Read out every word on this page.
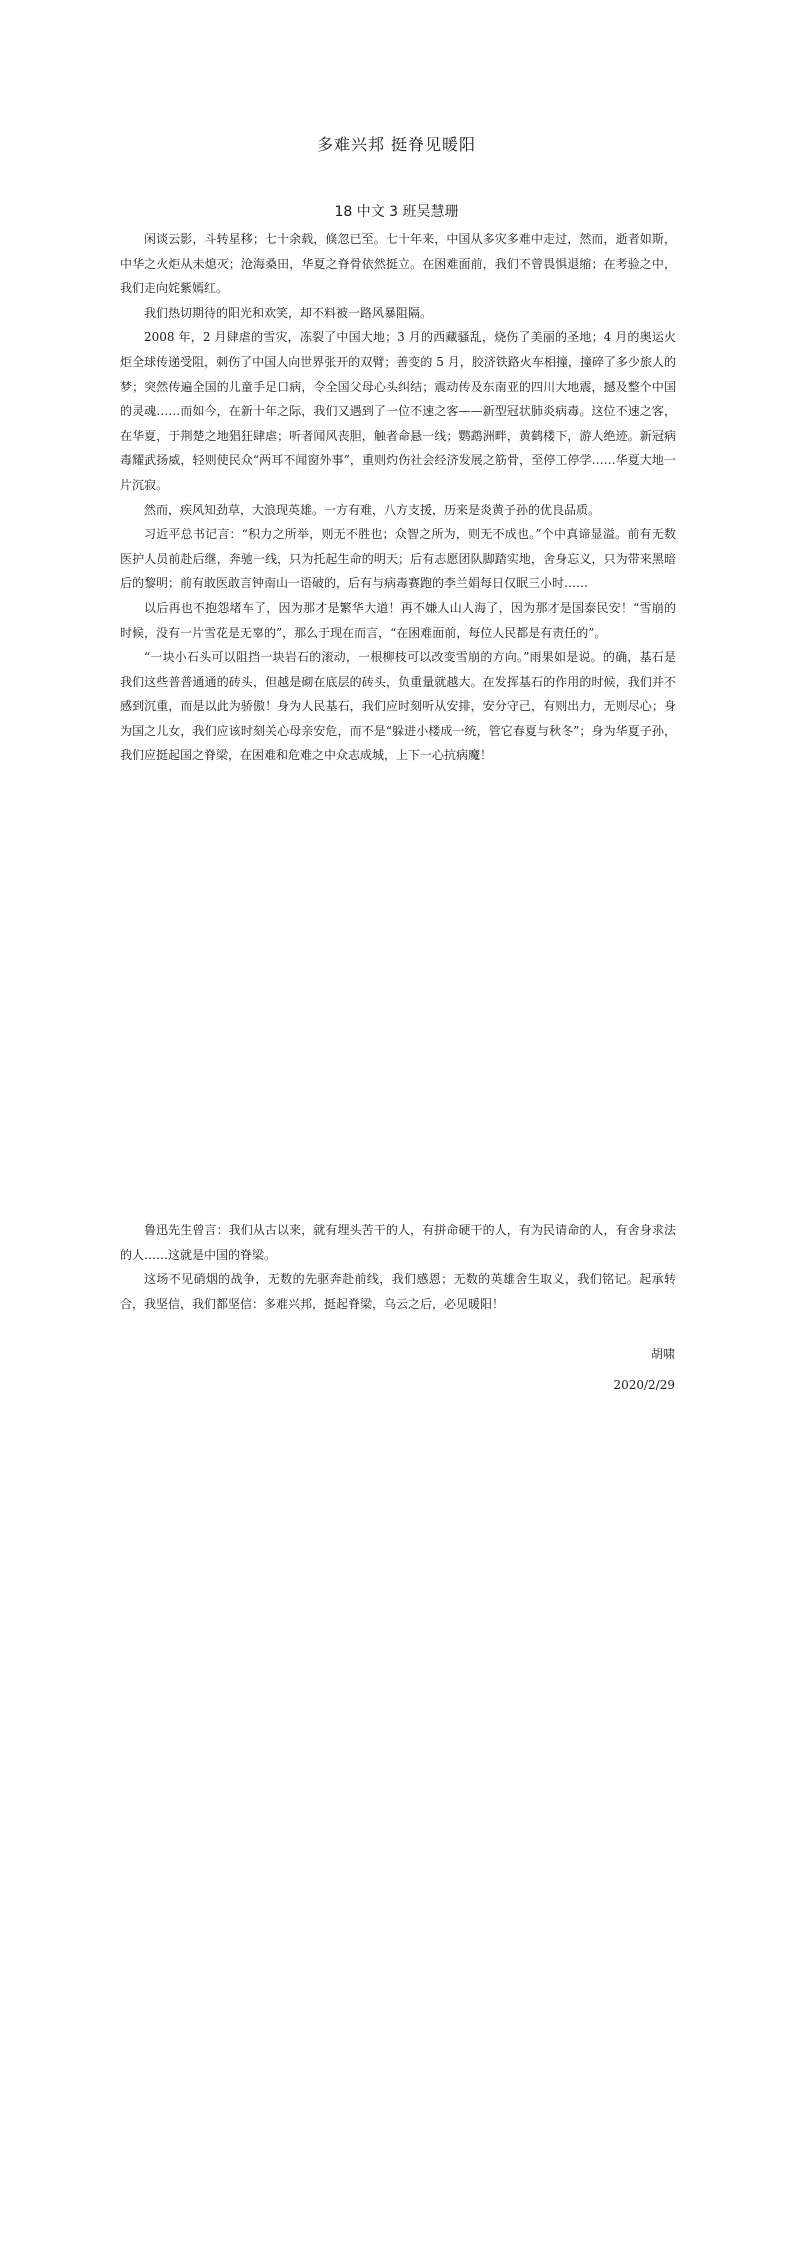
多难兴邦 挺脊见暖阳
18 中文 3 班吴慧珊

闲谈云影，斗转星移；七十余载，倏忽已至。七十年来，中国从多灾多难中走过，然而，逝者如斯，中华之火炬从未熄灭；沧海桑田，华夏之脊骨依然挺立。在困难面前，我们不曾畏惧退缩；在考验之中，我们走向姹紫嫣红。

我们热切期待的阳光和欢笑，却不料被一路风暴阻隔。

2008 年，2 月肆虐的雪灾，冻裂了中国大地；3 月的西藏骚乱，烧伤了美丽的圣地；4 月的奥运火炬全球传递受阻，刺伤了中国人向世界张开的双臂；善变的 5 月，胶济铁路火车相撞，撞碎了多少旅人的梦；突然传遍全国的儿童手足口病，令全国父母心头纠结；震动传及东南亚的四川大地震，撼及整个中国的灵魂……而如今，在新十年之际，我们又遇到了一位不速之客——新型冠状肺炎病毒。这位不速之客，在华夏，于荆楚之地猖狂肆虐；听者闻风丧胆，触者命悬一线；鹦鹉洲畔，黄鹤楼下，游人绝迹。新冠病毒耀武扬威，轻则使民众“两耳不闻窗外事”，重则灼伤社会经济发展之筋骨，至停工停学……华夏大地一片沉寂。

然而，疾风知劲草，大浪现英雄。一方有难，八方支援，历来是炎黄子孙的优良品质。

习近平总书记言：“积力之所举，则无不胜也；众智之所为，则无不成也。”个中真谛显溢。前有无数医护人员前赴后继，奔驰一线，只为托起生命的明天；后有志愿团队脚踏实地，舍身忘义，只为带来黑暗后的黎明；前有敢医敢言钟南山一语破的，后有与病毒赛跑的李兰娟每日仅眠三小时……

以后再也不抱怨堵车了，因为那才是繁华大道！再不嫌人山人海了，因为那才是国泰民安！“雪崩的时候，没有一片雪花是无辜的”，那么于现在而言，“在困难面前，每位人民都是有责任的”。

“一块小石头可以阻挡一块岩石的滚动，一根柳枝可以改变雪崩的方向。”雨果如是说。的确，基石是我们这些普普通通的砖头，但越是砌在底层的砖头，负重量就越大。在发挥基石的作用的时候，我们并不感到沉重，而是以此为骄傲！身为人民基石，我们应时刻听从安排，安分守己，有则出力，无则尽心；身为国之儿女，我们应该时刻关心母亲安危，而不是“躲进小楼成一统，管它春夏与秋冬”；身为华夏子孙，我们应挺起国之脊梁，在困难和危难之中众志成城，上下一心抗病魔！

鲁迅先生曾言：我们从古以来，就有埋头苦干的人，有拼命硬干的人，有为民请命的人，有舍身求法的人……这就是中国的脊梁。

这场不见硝烟的战争，无数的先驱奔赴前线，我们感恩；无数的英雄舍生取义，我们铭记。起承转合，我坚信，我们都坚信：多难兴邦，挺起脊梁，乌云之后，必见暖阳！

胡啸
2020/2/29
